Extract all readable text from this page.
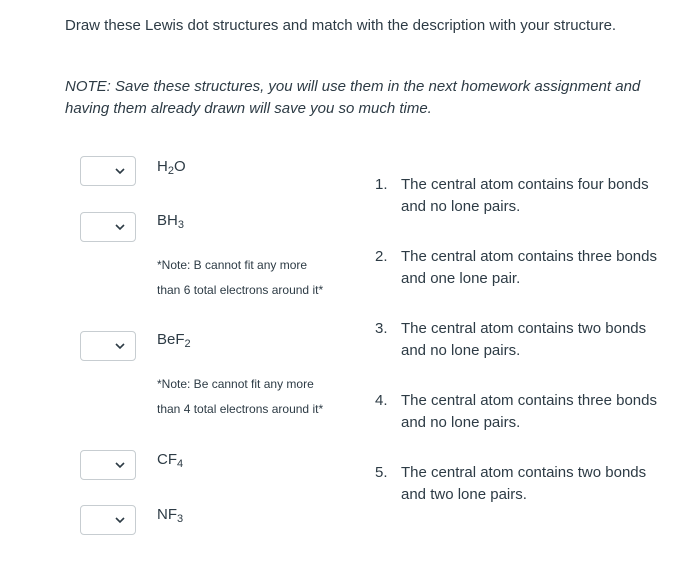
Draw these Lewis dot structures and match with the description with your structure.
NOTE: Save these structures, you will use them in the next homework assignment and having them already drawn will save you so much time.
$H_2O$
$BH_3$
*Note: B cannot fit any more
than 6 total electrons around it*
BeF$_2$
*Note: Be cannot fit any more
than 4 total electrons around it*
$CF_4$
$NF_3$
1. The central atom contains four bonds and no lone pairs.
2. The central atom contains three bonds and one lone pair.
3. The central atom contains two bonds and no lone pairs.
4. The central atom contains three bonds and no lone pairs.
5. The central atom contains two bonds and two lone pairs.
